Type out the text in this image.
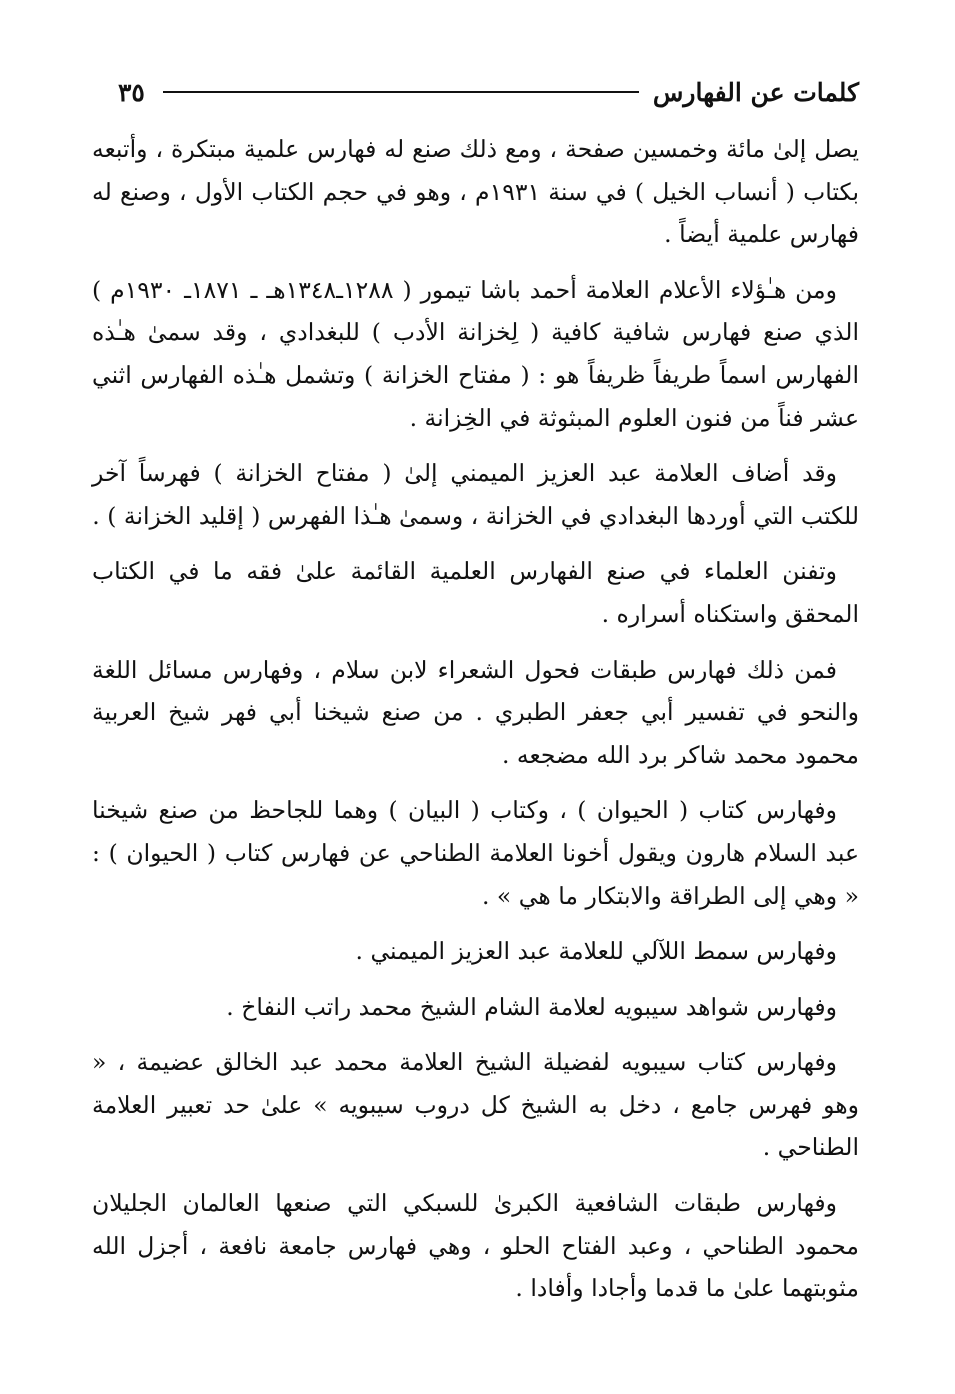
كلمات عن الفهارس
٣٥

يصل إلىٰ مائة وخمسين صفحة ، ومع ذلك صنع له فهارس علمية مبتكرة ، وأتبعه بكتاب ( أنساب الخيل ) في سنة ١٩٣١م ، وهو في حجم الكتاب الأول ، وصنع له فهارس علمية أيضاً .

ومن هـٰؤلاء الأعلام العلامة أحمد باشا تيمور ( ١٢٨٨ـ١٣٤٨هـ ـ ١٨٧١ـ ١٩٣٠م ) الذي صنع فهارس شافية كافية ( لِخزانة الأدب ) للبغدادي ، وقد سمىٰ هـٰذه الفهارس اسماً طريفاً ظريفاً هو : ( مفتاح الخزانة ) وتشمل هـٰذه الفهارس اثني عشر فناً من فنون العلوم المبثوثة في الخِزانة .

وقد أضاف العلامة عبد العزيز الميمني إلىٰ ( مفتاح الخزانة ) فهرساً آخر للكتب التي أوردها البغدادي في الخزانة ، وسمىٰ هـٰذا الفهرس ( إقليد الخزانة ) .

وتفنن العلماء في صنع الفهارس العلمية القائمة علىٰ فقه ما في الكتاب المحقق واستكناه أسراره .

فمن ذلك فهارس طبقات فحول الشعراء لابن سلام ، وفهارس مسائل اللغة والنحو في تفسير أبي جعفر الطبري . من صنع شيخنا أبي فهر شيخ العربية محمود محمد شاكر برد الله مضجعه .

وفهارس كتاب ( الحيوان ) ، وكتاب ( البيان ) وهما للجاحظ من صنع شيخنا عبد السلام هارون ويقول أخونا العلامة الطناحي عن فهارس كتاب ( الحيوان ) : « وهي إلى الطراقة والابتكار ما هي » .

وفهارس سمط اللآلي للعلامة عبد العزيز الميمني .

وفهارس شواهد سيبويه لعلامة الشام الشيخ محمد راتب النفاخ .

وفهارس كتاب سيبويه لفضيلة الشيخ العلامة محمد عبد الخالق عضيمة ، « وهو فهرس جامع ، دخل به الشيخ كل دروب سيبويه » علىٰ حد تعبير العلامة الطناحي .

وفهارس طبقات الشافعية الكبرىٰ للسبكي التي صنعها العالمان الجليلان محمود الطناحي ، وعبد الفتاح الحلو ، وهي فهارس جامعة نافعة ، أجزل الله مثوبتهما علىٰ ما قدما وأجادا وأفادا .
